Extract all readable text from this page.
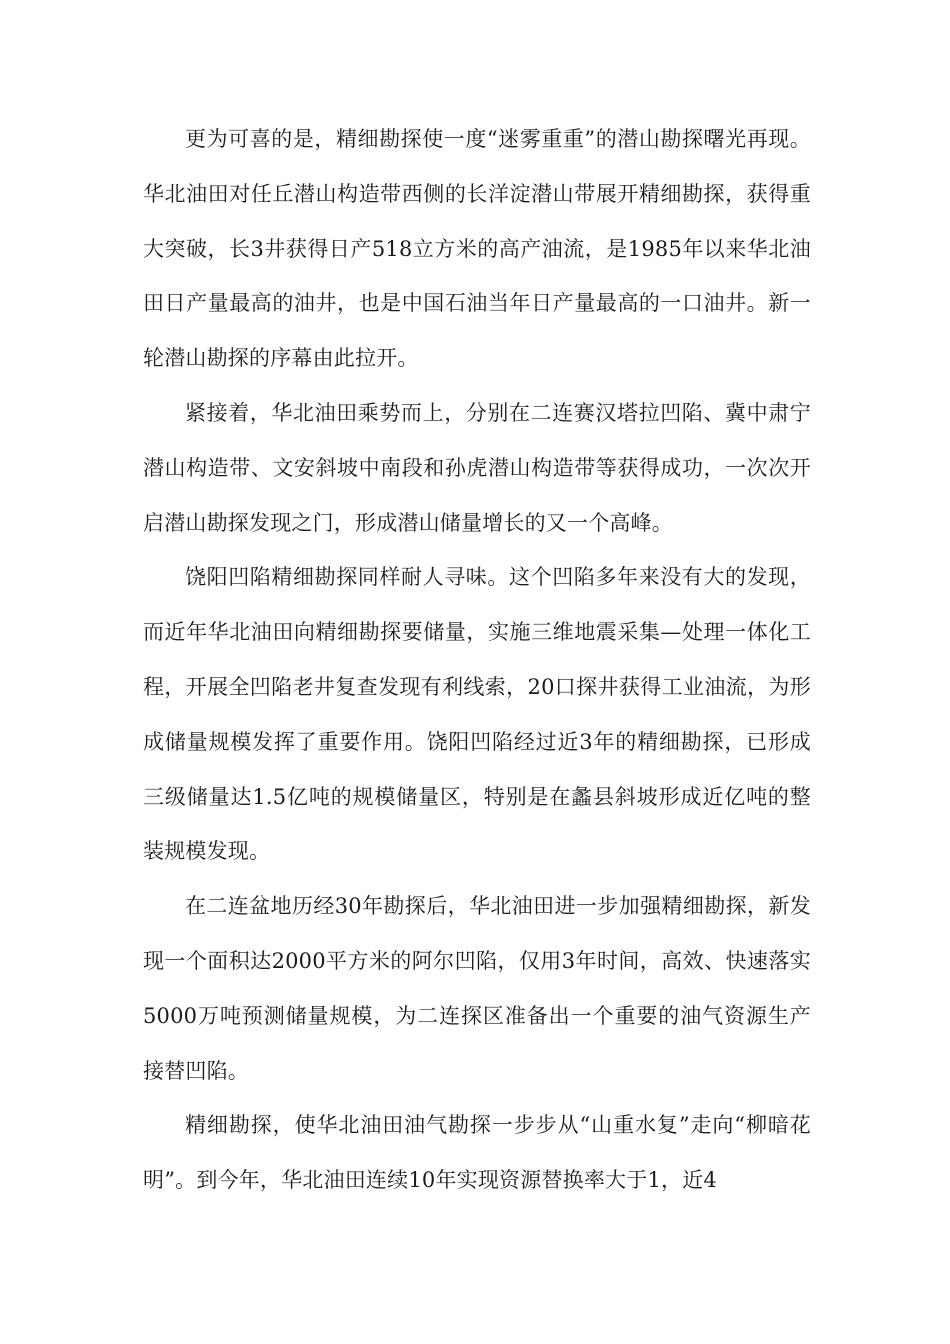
更为可喜的是，精细勘探使一度“迷雾重重”的潜山勘探曙光再现。华北油田对任丘潜山构造带西侧的长洋淀潜山带展开精细勘探，获得重大突破，长3井获得日产518立方米的高产油流，是1985年以来华北油田日产量最高的油井，也是中国石油当年日产量最高的一口油井。新一轮潜山勘探的序幕由此拉开。

紧接着，华北油田乘势而上，分别在二连赛汉塔拉凹陷、冀中肃宁潜山构造带、文安斜坡中南段和孙虎潜山构造带等获得成功，一次次开启潜山勘探发现之门，形成潜山储量增长的又一个高峰。

饶阳凹陷精细勘探同样耐人寻味。这个凹陷多年来没有大的发现，而近年华北油田向精细勘探要储量，实施三维地震采集—处理一体化工程，开展全凹陷老井复查发现有利线索，20口探井获得工业油流，为形成储量规模发挥了重要作用。饶阳凹陷经过近3年的精细勘探，已形成三级储量达1.5亿吨的规模储量区，特别是在蠡县斜坡形成近亿吨的整装规模发现。

在二连盆地历经30年勘探后，华北油田进一步加强精细勘探，新发现一个面积达2000平方米的阿尔凹陷，仅用3年时间，高效、快速落实5000万吨预测储量规模，为二连探区准备出一个重要的油气资源生产接替凹陷。

精细勘探，使华北油田油气勘探一步步从“山重水复”走向“柳暗花明”。到今年，华北油田连续10年实现资源替换率大于1，近4
